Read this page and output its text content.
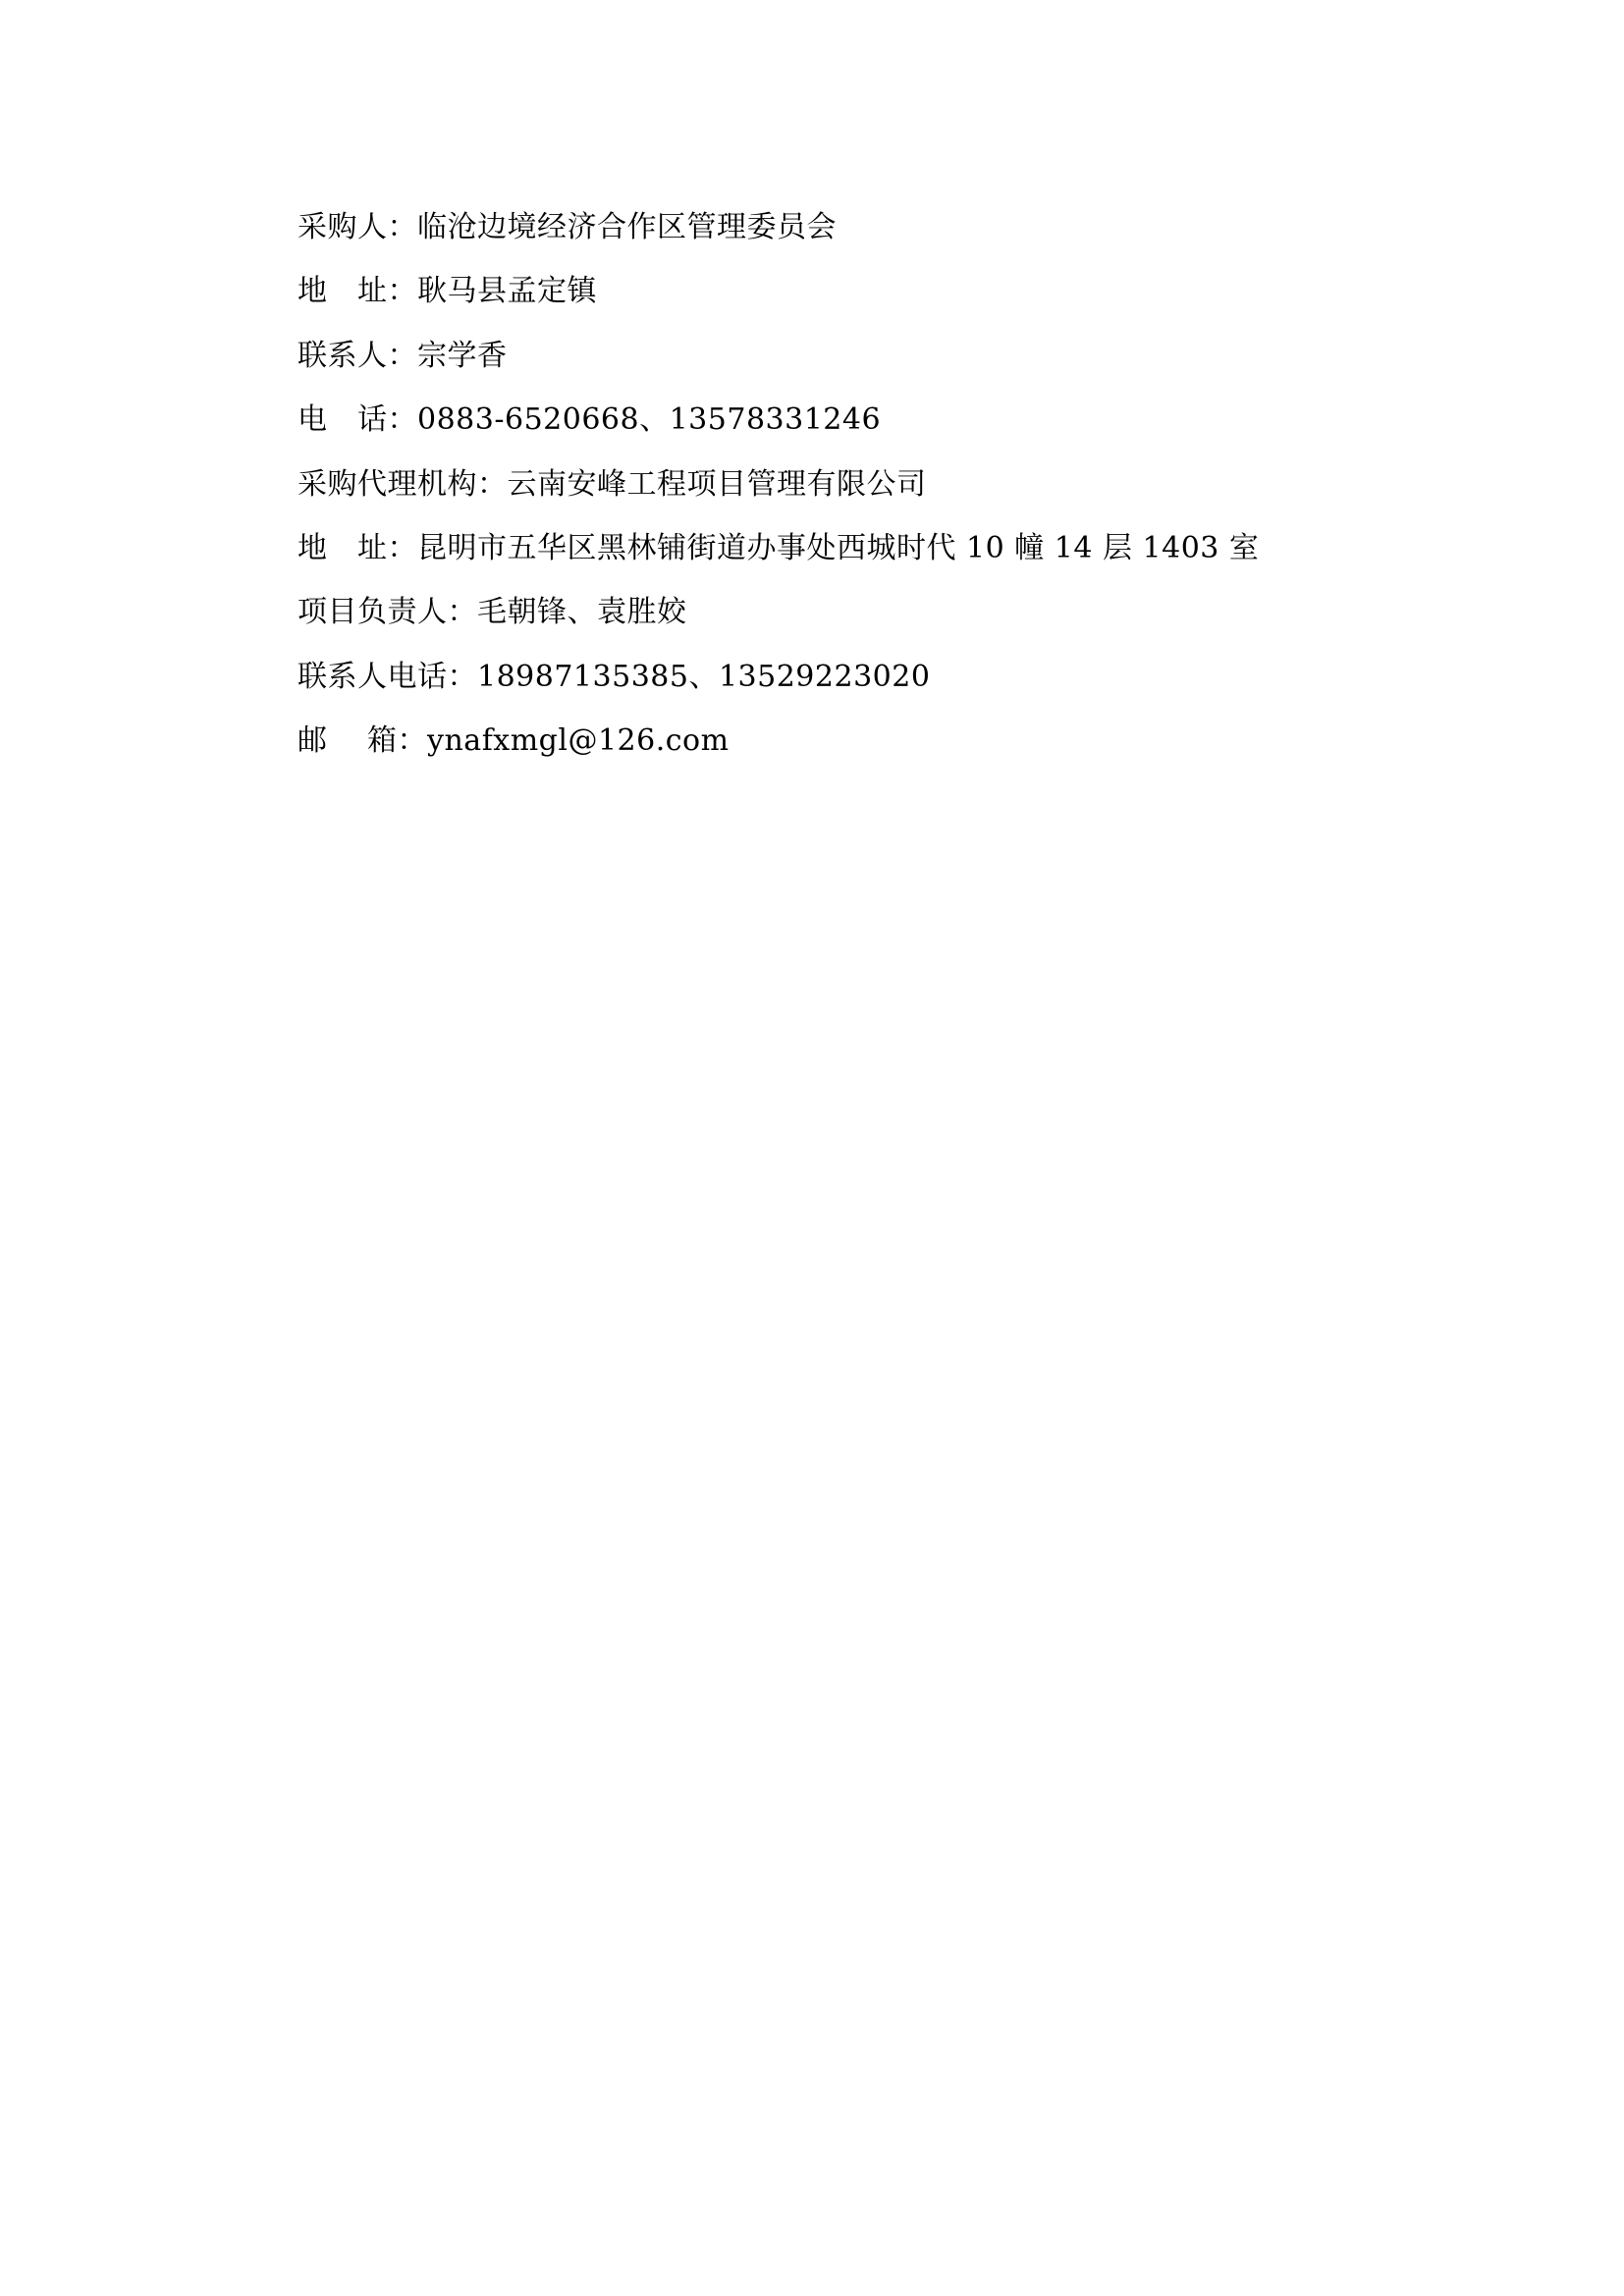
采购人：临沧边境经济合作区管理委员会

地　址：耿马县孟定镇

联系人：宗学香

电　话：0883-6520668、13578331246

采购代理机构：云南安峰工程项目管理有限公司

地　址：昆明市五华区黑林铺街道办事处西城时代 10 幢 14 层 1403 室

项目负责人：毛朝锋、袁胜姣

联系人电话：18987135385、13529223020

邮　 箱：ynafxmgl@126.com
